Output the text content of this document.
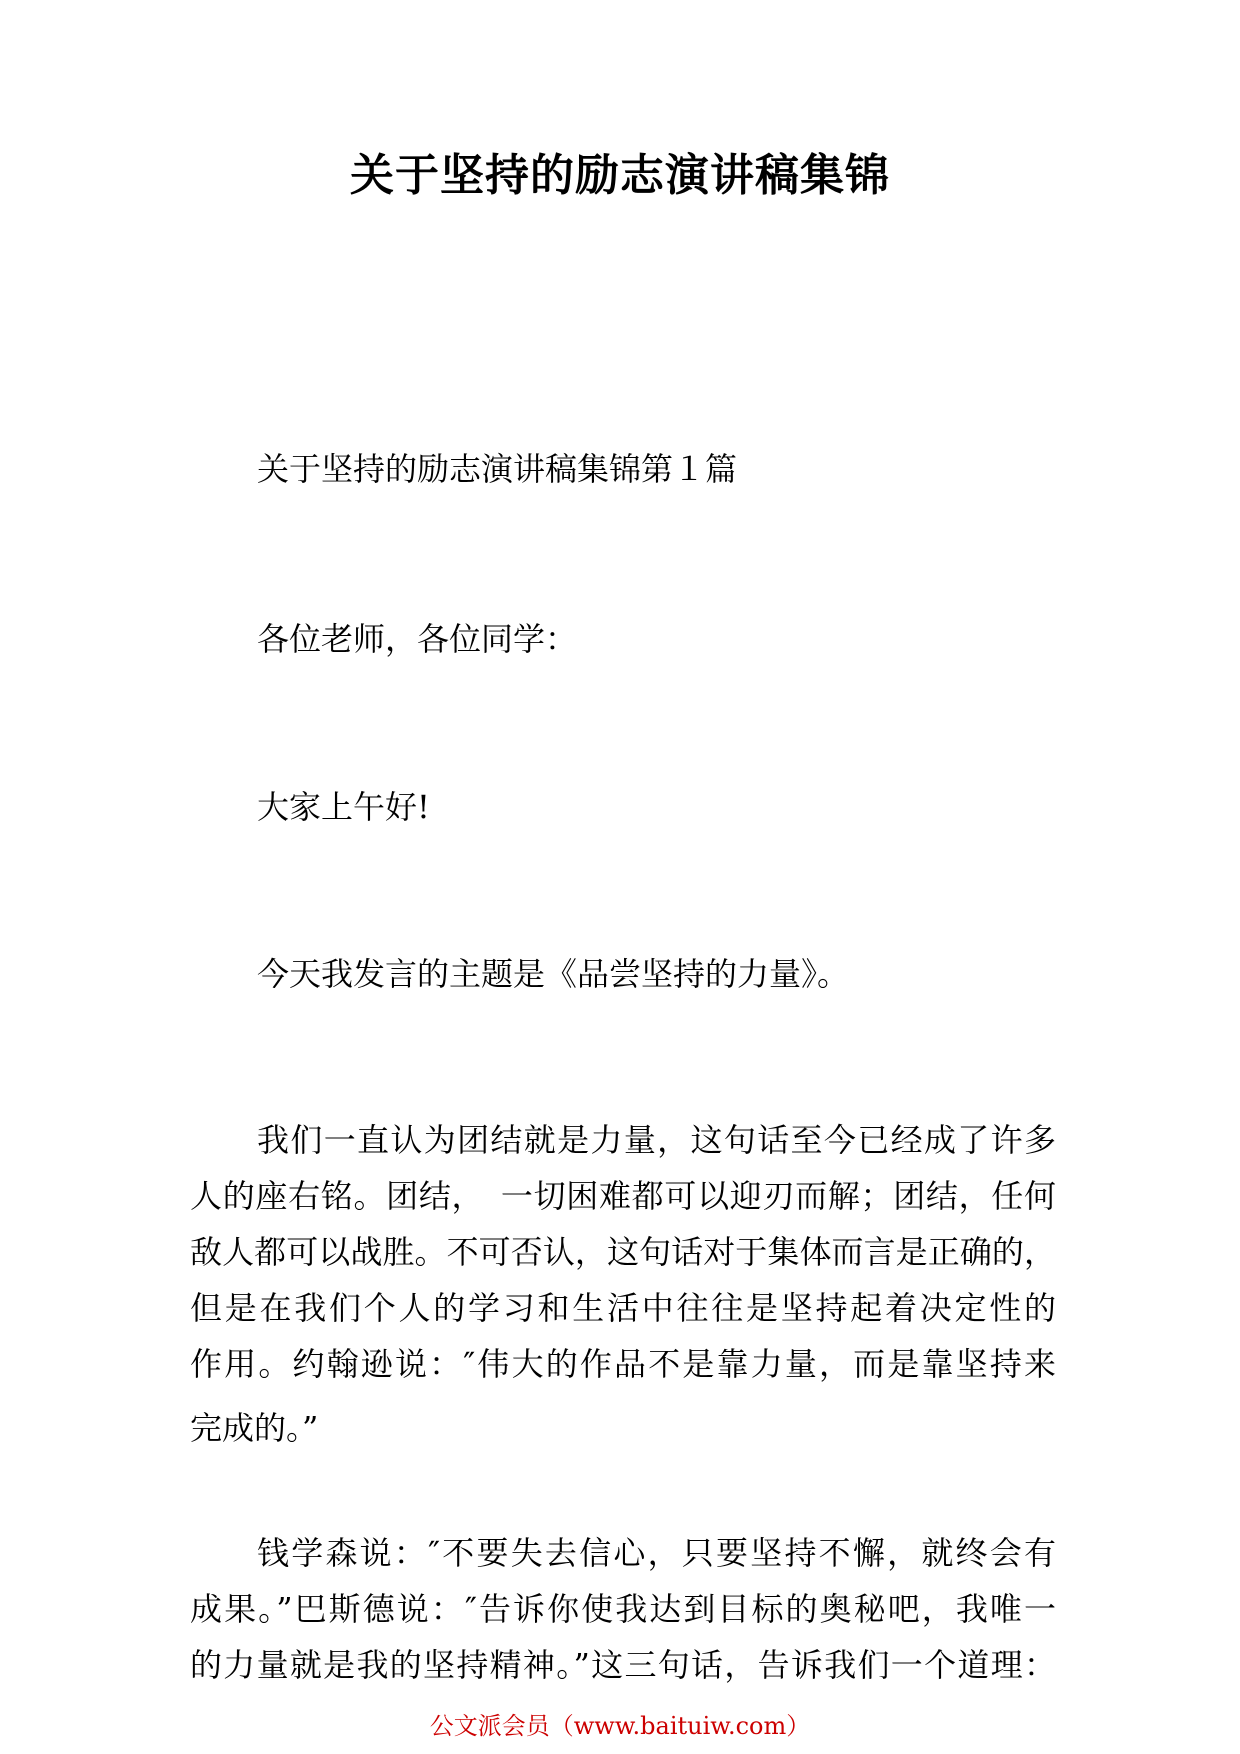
关于坚持的励志演讲稿集锦
关于坚持的励志演讲稿集锦第１篇
各位老师，各位同学：
大家上午好!
今天我发言的主题是《品尝坚持的力量》。
我们一直认为团结就是力量，这句话至今已经成了许多
人的座右铭。团结，　一切困难都可以迎刃而解；团结，任何
敌人都可以战胜。不可否认，这句话对于集体而言是正确的，
但是在我们个人的学习和生活中往往是坚持起着决定性的
作用。约翰逊说：″伟大的作品不是靠力量，而是靠坚持来
完成的。”
钱学森说：″不要失去信心，只要坚持不懈，就终会有
成果。”巴斯德说：″告诉你使我达到目标的奥秘吧，我唯一
的力量就是我的坚持精神。”这三句话，告诉我们一个道理：
公文派会员（www.baituiw.com）
